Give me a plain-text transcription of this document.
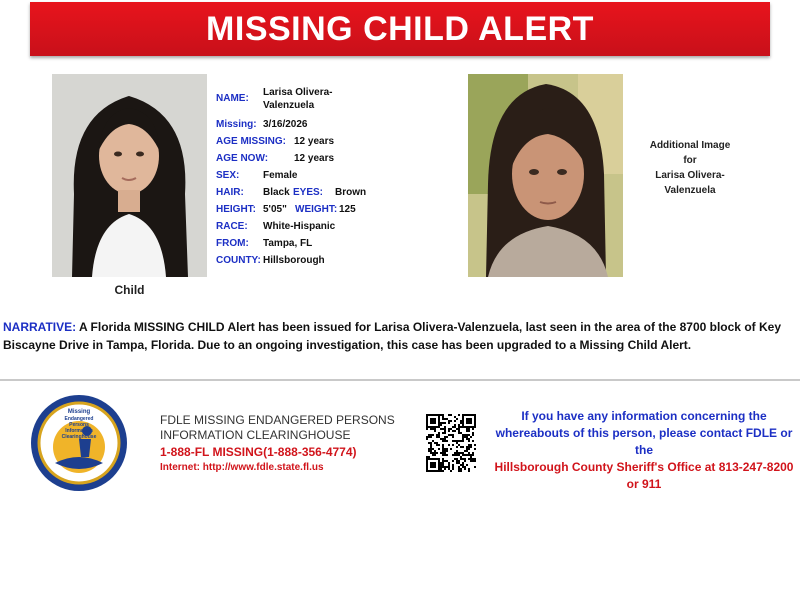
MISSING CHILD ALERT
Child
NAME:
Larisa Olivera-Valenzuela
Missing: 3/16/2026
AGE MISSING: 12 years
AGE NOW:	12 years
SEX:	Female
HAIR:	Black EYES:	Brown
HEIGHT: 5'05" WEIGHT: 125
RACE:	White-Hispanic
FROM:	Tampa, FL
COUNTY: Hillsborough
Additional Image
for
Larisa Olivera-Valenzuela
NARRATIVE: A Florida MISSING CHILD Alert has been issued for Larisa Olivera-Valenzuela, last seen in the area of the 8700 block of Key Biscayne Drive in Tampa, Florida. Due to an ongoing investigation, this case has been upgraded to a Missing Child Alert.
Missing
Endangered
Persons
Information
Clearinghouse
FDLE MISSING ENDANGERED PERSONS
INFORMATION CLEARINGHOUSE
1-888-FL MISSING(1-888-356-4774)
Internet: http://www.fdle.state.fl.us
If you have any information concerning the whereabouts of this person, please contact FDLE or the
Hillsborough County Sheriff's Office at 813-247-8200 or 911
